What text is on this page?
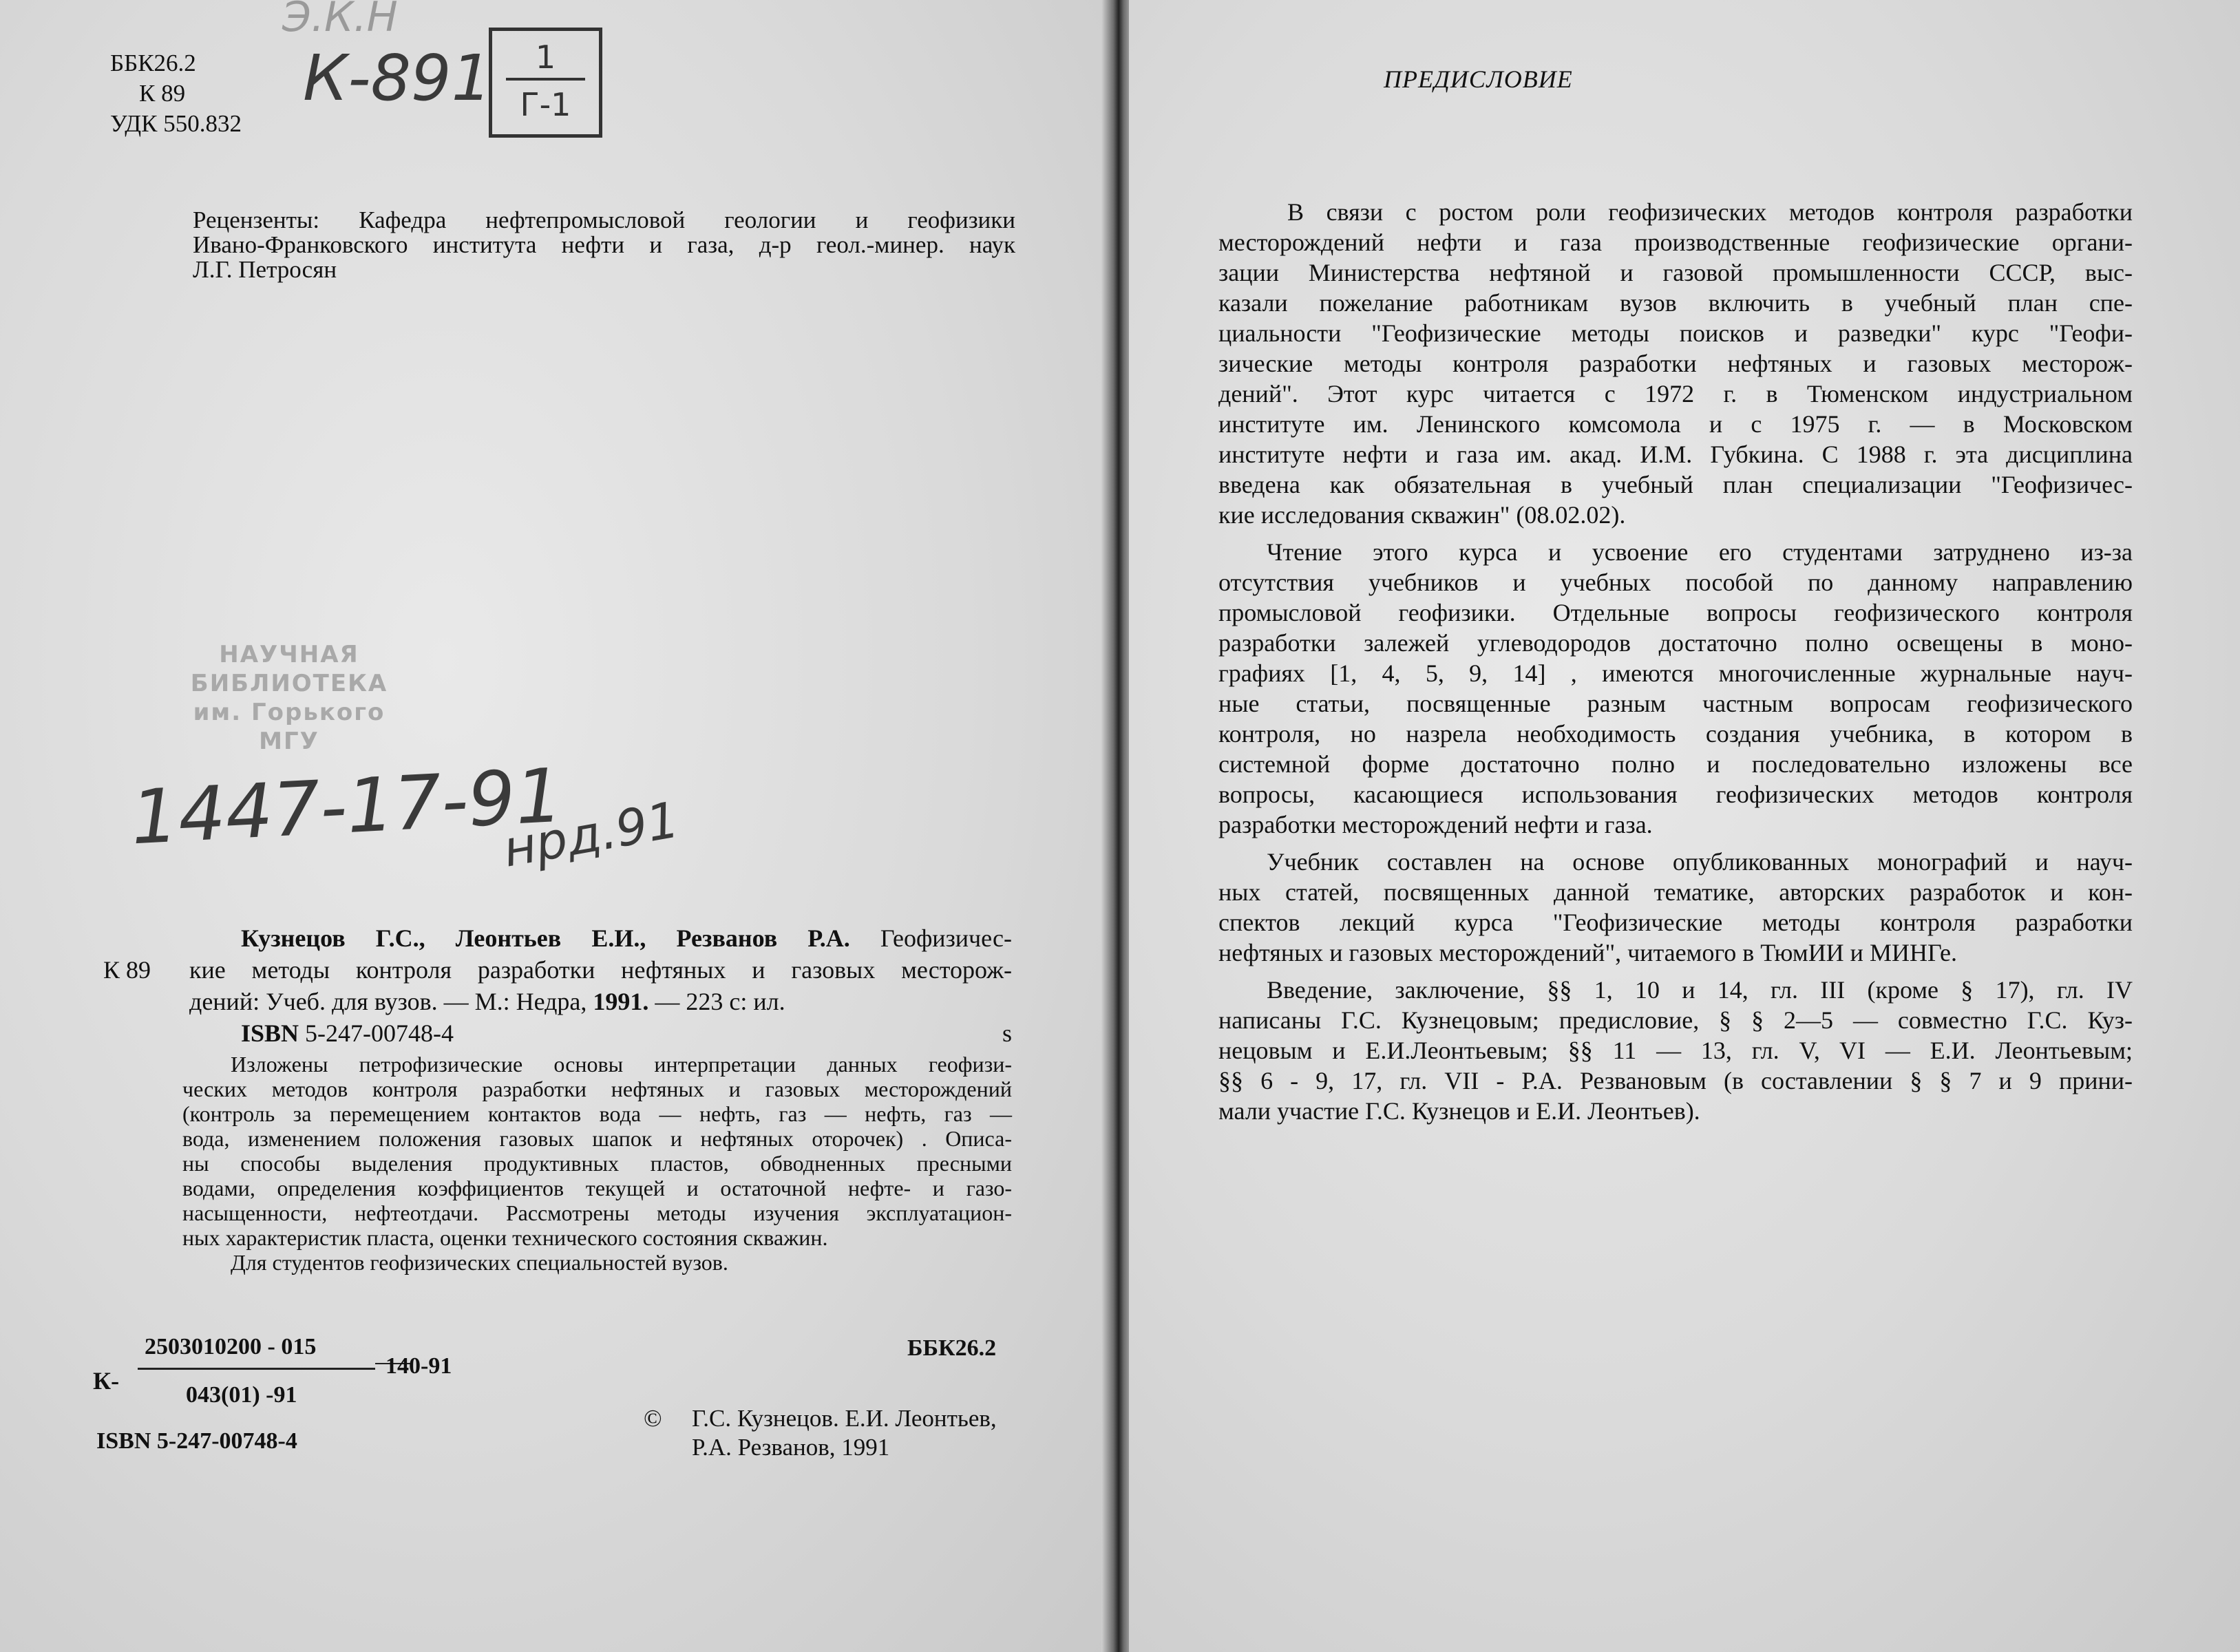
ББК26.2
К 89
УДК 550.832
Э.К.Н
К-891	1
Г-1
Рецензенты: Кафедра нефтепромысловой геологии и геофизики
Ивано-Франковского института нефти и газа, д-р геол.-минер. наук
Л.Г. Петросян
НАУЧНАЯ БИБЛИОТЕКА
им. Горького
МГУ
1447-17-91
нрд.91
Кузнецов Г.С., Леонтьев Е.И., Резванов Р.А. Геофизичес-
К 89	кие методы контроля разработки нефтяных и газовых месторож-
дений: Учеб. для вузов. — М.: Недра, 1991. — 223 с: ил.
ISBN 5-247-00748-4	s
Изложены петрофизические основы интерпретации данных геофизи-
ческих методов контроля разработки нефтяных и газовых месторождений
(контроль за перемещением контактов вода — нефть, газ — нефть, газ —
вода, изменением положения газовых шапок и нефтяных оторочек) . Описа-
ны способы выделения продуктивных пластов, обводненных пресными
водами, определения коэффициентов текущей и остаточной нефте- и газо-
насыщенности, нефтеотдачи. Рассмотрены методы изучения эксплуатацион-
ных характеристик пласта, оценки технического состояния скважин.
Для студентов геофизических специальностей вузов.
2503010200 - 015
К-
043(01) -91
140-91
ББК26.2
©	Г.С. Кузнецов. Е.И. Леонтьев,
Р.А. Резванов, 1991
ISBN 5-247-00748-4
ПРЕДИСЛОВИЕ
В связи с ростом роли геофизических методов контроля разработки
месторождений нефти и газа производственные геофизические органи-
зации Министерства нефтяной и газовой промышленности СССР, выс-
казали пожелание работникам вузов включить в учебный план спе-
циальности "Геофизические методы поисков и разведки" курс "Геофи-
зические методы контроля разработки нефтяных и газовых месторож-
дений". Этот курс читается с 1972 г. в Тюменском индустриальном
институте им. Ленинского комсомола и с 1975 г. — в Московском
институте нефти и газа им. акад. И.М. Губкина. С 1988 г. эта дисциплина
введена как обязательная в учебный план специализации "Геофизичес-
кие исследования скважин" (08.02.02).
Чтение этого курса и усвоение его студентами затруднено из-за
отсутствия учебников и учебных пособой по данному направлению
промысловой геофизики. Отдельные вопросы геофизического контроля
разработки залежей углеводородов достаточно полно освещены в моно-
графиях [1, 4, 5, 9, 14] , имеются многочисленные журнальные науч-
ные статьи, посвященные разным частным вопросам геофизического
контроля, но назрела необходимость создания учебника, в котором в
системной форме достаточно полно и последовательно изложены все
вопросы, касающиеся использования геофизических методов контроля
разработки месторождений нефти и газа.
Учебник составлен на основе опубликованных монографий и науч-
ных статей, посвященных данной тематике, авторских разработок и кон-
спектов лекций курса "Геофизические методы контроля разработки
нефтяных и газовых месторождений", читаемого в ТюмИИ и МИНГе.
Введение, заключение, §§ 1, 10 и 14, гл. III (кроме § 17), гл. IV
написаны Г.С. Кузнецовым; предисловие, § § 2—5 — совместно Г.С. Куз-
нецовым и Е.И.Леонтьевым; §§ 11 — 13, гл. V, VI — Е.И. Леонтьевым;
§§ 6 - 9, 17, гл. VII - Р.А. Резвановым (в составлении § § 7 и 9 прини-
мали участие Г.С. Кузнецов и Е.И. Леонтьев).
